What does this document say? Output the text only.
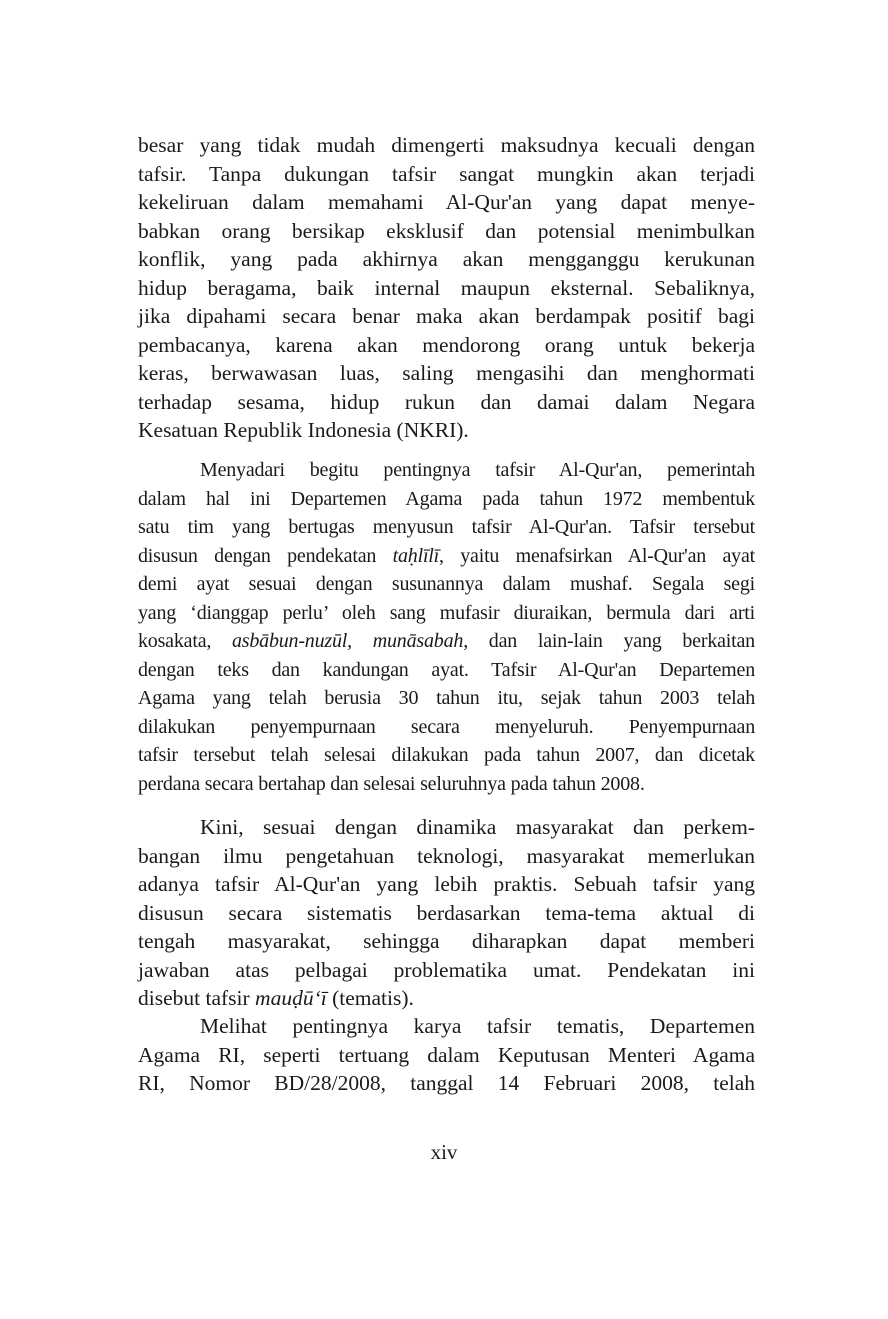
besar yang tidak mudah dimengerti maksudnya kecuali dengan
tafsir. Tanpa dukungan tafsir sangat mungkin akan terjadi
kekeliruan dalam memahami Al-Qur'an yang dapat menye-
babkan orang bersikap eksklusif dan potensial menimbulkan
konflik, yang pada akhirnya akan mengganggu kerukunan
hidup beragama, baik internal maupun eksternal. Sebaliknya,
jika dipahami secara benar maka akan berdampak positif bagi
pembacanya, karena akan mendorong orang untuk bekerja
keras, berwawasan luas, saling mengasihi dan menghormati
terhadap sesama, hidup rukun dan damai dalam Negara
Kesatuan Republik Indonesia (NKRI).
Menyadari begitu pentingnya tafsir Al-Qur'an, pemerintah
dalam hal ini Departemen Agama pada tahun 1972 membentuk
satu tim yang bertugas menyusun tafsir Al-Qur'an. Tafsir tersebut
disusun dengan pendekatan taḥlīlī, yaitu menafsirkan Al-Qur'an ayat
demi ayat sesuai dengan susunannya dalam mushaf. Segala segi
yang ‘dianggap perlu’ oleh sang mufasir diuraikan, bermula dari arti
kosakata, asbābun-nuzūl, munāsabah, dan lain-lain yang berkaitan
dengan teks dan kandungan ayat. Tafsir Al-Qur'an Departemen
Agama yang telah berusia 30 tahun itu, sejak tahun 2003 telah
dilakukan penyempurnaan secara menyeluruh. Penyempurnaan
tafsir tersebut telah selesai dilakukan pada tahun 2007, dan dicetak
perdana secara bertahap dan selesai seluruhnya pada tahun 2008.
Kini, sesuai dengan dinamika masyarakat dan perkem-
bangan ilmu pengetahuan teknologi, masyarakat memerlukan
adanya tafsir Al-Qur'an yang lebih praktis. Sebuah tafsir yang
disusun secara sistematis berdasarkan tema-tema aktual di
tengah masyarakat, sehingga diharapkan dapat memberi
jawaban atas pelbagai problematika umat. Pendekatan ini
disebut tafsir mauḍū‘ī (tematis).
Melihat pentingnya karya tafsir tematis, Departemen
Agama RI, seperti tertuang dalam Keputusan Menteri Agama
RI, Nomor BD/28/2008, tanggal 14 Februari 2008, telah
xiv
